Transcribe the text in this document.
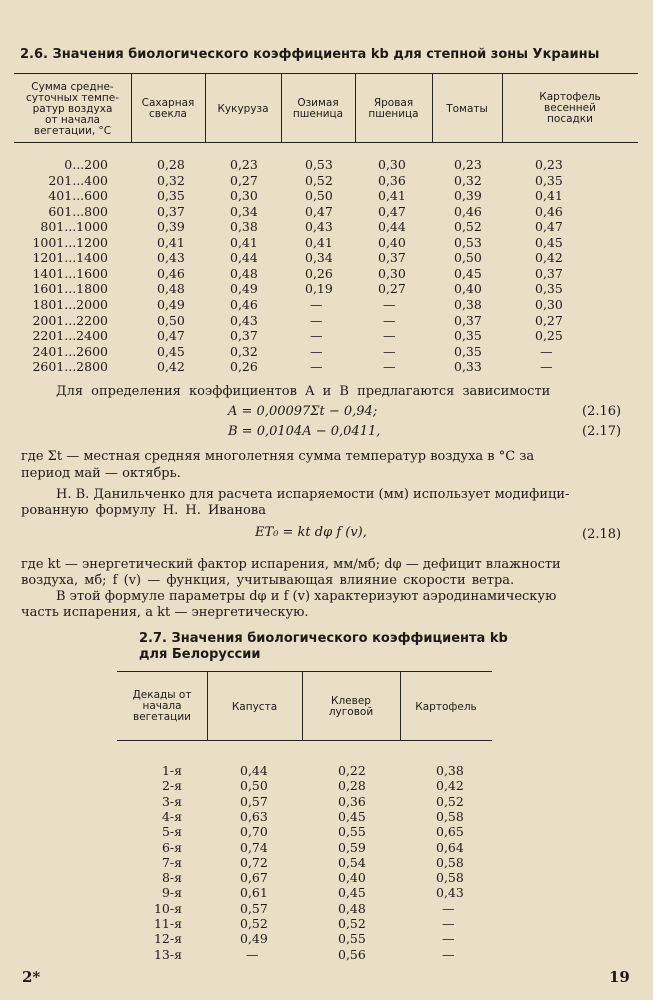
2.6. Значения биологического коэффициента kb для степной зоны Украины
Сумма средне-
суточных темпе-
ратур воздуха
от начала
вегетации, °С
Сахарная
свекла	Кукуруза	Озимая
пшеница
Яровая
пшеница	Томаты
Картофель
весенней
посадки
0...200	0,28	0,23	0,53	0,30	0,23	0,23
201...400	0,32	0,27	0,52	0,36	0,32	0,35
401...600	0,35	0,30	0,50	0,41	0,39	0,41
601...800	0,37	0,34	0,47	0,47	0,46	0,46
801...1000	0,39	0,38	0,43	0,44	0,52	0,47
1001...1200	0,41	0,41	0,41	0,40	0,53	0,45
1201...1400	0,43	0,44	0,34	0,37	0,50	0,42
1401...1600	0,46	0,48	0,26	0,30	0,45	0,37
1601...1800	0,48	0,49	0,19	0,27	0,40	0,35
1801...2000	0,49	0,46	—	—	0,38	0,30
2001...2200	0,50	0,43	—	—	0,37	0,27
2201...2400	0,47	0,37	—	—	0,35	0,25
2401...2600	0,45	0,32	—	—	0,35	—
2601...2800	0,42	0,26	—	—	0,33	—
Для определения коэффициентов A и B предлагаются зависимости
A = 0,00097Σt − 0,94;	(2.16)
B = 0,0104A − 0,0411,	(2.17)
где Σt — местная средняя многолетняя сумма температур воздуха в °С за
период май — октябрь.
Н. В. Данильченко для расчета испаряемости (мм) использует модифици-
рованную формулу Н. Н. Иванова
ET₀ = kt dφ f (v),	(2.18)
где kt — энергетический фактор испарения, мм/мб; dφ — дефицит влажности
воздуха, мб; f (v) — функция, учитывающая влияние скорости ветра.
В этой формуле параметры dφ и f (v) характеризуют аэродинамическую
часть испарения, а kt — энергетическую.
2.7. Значения биологического коэффициента kb
для Белоруссии
Декады от
начала
вегетации
Капуста	Клевер
луговой	Картофель
1-я	0,44	0,22	0,38
2-я	0,50	0,28	0,42
3-я	0,57	0,36	0,52
4-я	0,63	0,45	0,58
5-я	0,70	0,55	0,65
6-я	0,74	0,59	0,64
7-я	0,72	0,54	0,58
8-я	0,67	0,40	0,58
9-я	0,61	0,45	0,43
10-я	0,57	0,48	—
11-я	0,52	0,52	—
12-я	0,49	0,55	—
13-я	—	0,56	—
2*	19
